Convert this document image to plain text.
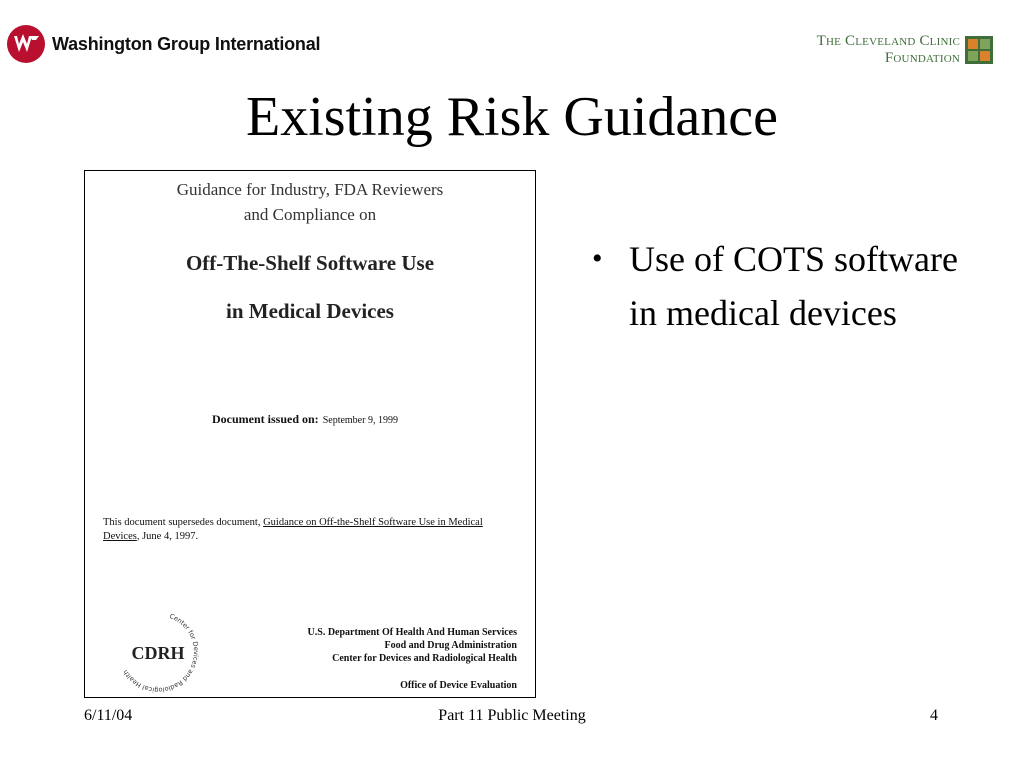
Washington Group International	The Cleveland Clinic
Foundation
Existing Risk Guidance
Guidance for Industry, FDA Reviewers
and Compliance on
Off-The-Shelf Software Use
in Medical Devices
Document issued on: September 9, 1999
This document supersedes document, Guidance on Off-the-Shelf Software Use in Medical Devices, June 4, 1997.
Center for Devices and Radiological Health
CDRH
U.S. Department Of Health And Human Services
Food and Drug Administration
Center for Devices and Radiological Health
Office of Device Evaluation
• Use of COTS software in medical devices
6/11/04	Part 11 Public Meeting	4
